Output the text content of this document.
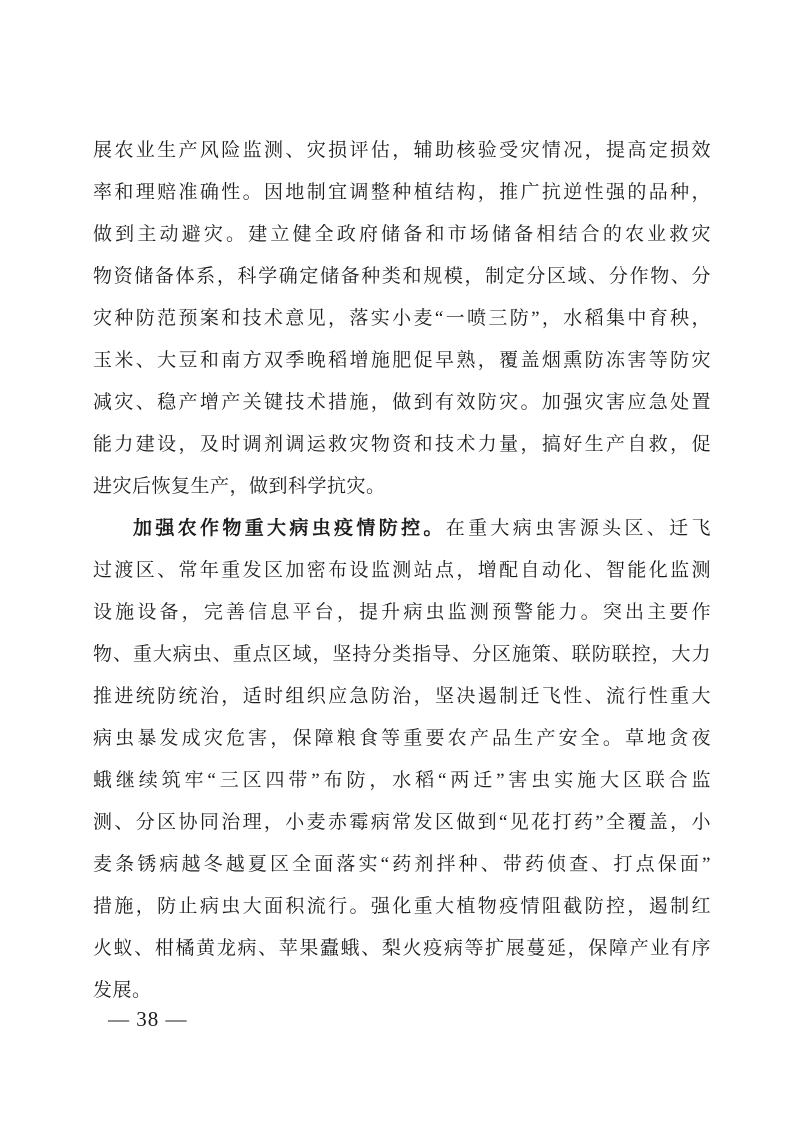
展农业生产风险监测、灾损评估，辅助核验受灾情况，提高定损效
率和理赔准确性。因地制宜调整种植结构，推广抗逆性强的品种，
做到主动避灾。建立健全政府储备和市场储备相结合的农业救灾
物资储备体系，科学确定储备种类和规模，制定分区域、分作物、分
灾种防范预案和技术意见，落实小麦“一喷三防”，水稻集中育秧，
玉米、大豆和南方双季晚稻增施肥促早熟，覆盖烟熏防冻害等防灾
减灾、稳产增产关键技术措施，做到有效防灾。加强灾害应急处置
能力建设，及时调剂调运救灾物资和技术力量，搞好生产自救，促
进灾后恢复生产，做到科学抗灾。
加强农作物重大病虫疫情防控。在重大病虫害源头区、迁飞
过渡区、常年重发区加密布设监测站点，增配自动化、智能化监测
设施设备，完善信息平台，提升病虫监测预警能力。突出主要作
物、重大病虫、重点区域，坚持分类指导、分区施策、联防联控，大力
推进统防统治，适时组织应急防治，坚决遏制迁飞性、流行性重大
病虫暴发成灾危害，保障粮食等重要农产品生产安全。草地贪夜
蛾继续筑牢“三区四带”布防，水稻“两迁”害虫实施大区联合监
测、分区协同治理，小麦赤霉病常发区做到“见花打药”全覆盖，小
麦条锈病越冬越夏区全面落实“药剂拌种、带药侦查、打点保面”
措施，防止病虫大面积流行。强化重大植物疫情阻截防控，遏制红
火蚁、柑橘黄龙病、苹果蠹蛾、梨火疫病等扩展蔓延，保障产业有序
发展。
— 38 —
